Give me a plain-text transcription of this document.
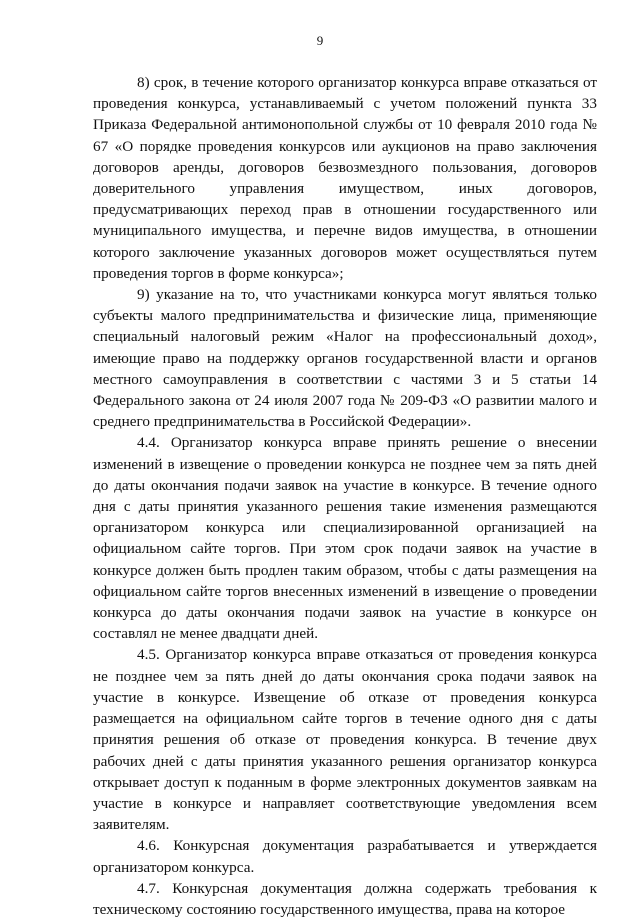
9

8) срок, в течение которого организатор конкурса вправе отказаться от проведения конкурса, устанавливаемый с учетом положений пункта 33 Приказа Федеральной антимонопольной службы от 10 февраля 2010 года № 67 «О порядке проведения конкурсов или аукционов на право заключения договоров аренды, договоров безвозмездного пользования, договоров доверительного управления имуществом, иных договоров, предусматривающих переход прав в отношении государственного или муниципального имущества, и перечне видов имущества, в отношении которого заключение указанных договоров может осуществляться путем проведения торгов в форме конкурса»;

9) указание на то, что участниками конкурса могут являться только субъекты малого предпринимательства и физические лица, применяющие специальный налоговый режим «Налог на профессиональный доход», имеющие право на поддержку органов государственной власти и органов местного самоуправления в соответствии с частями 3 и 5 статьи 14 Федерального закона от 24 июля 2007 года № 209-ФЗ «О развитии малого и среднего предпринимательства в Российской Федерации».

4.4. Организатор конкурса вправе принять решение о внесении изменений в извещение о проведении конкурса не позднее чем за пять дней до даты окончания подачи заявок на участие в конкурсе. В течение одного дня с даты принятия указанного решения такие изменения размещаются организатором конкурса или специализированной организацией на официальном сайте торгов. При этом срок подачи заявок на участие в конкурсе должен быть продлен таким образом, чтобы с даты размещения на официальном сайте торгов внесенных изменений в извещение о проведении конкурса до даты окончания подачи заявок на участие в конкурсе он составлял не менее двадцати дней.

4.5. Организатор конкурса вправе отказаться от проведения конкурса не позднее чем за пять дней до даты окончания срока подачи заявок на участие в конкурсе. Извещение об отказе от проведения конкурса размещается на официальном сайте торгов в течение одного дня с даты принятия решения об отказе от проведения конкурса. В течение двух рабочих дней с даты принятия указанного решения организатор конкурса открывает доступ к поданным в форме электронных документов заявкам на участие в конкурсе и направляет соответствующие уведомления всем заявителям.

4.6. Конкурсная документация разрабатывается и утверждается организатором конкурса.

4.7. Конкурсная документация должна содержать требования к техническому состоянию государственного имущества, права на которое
